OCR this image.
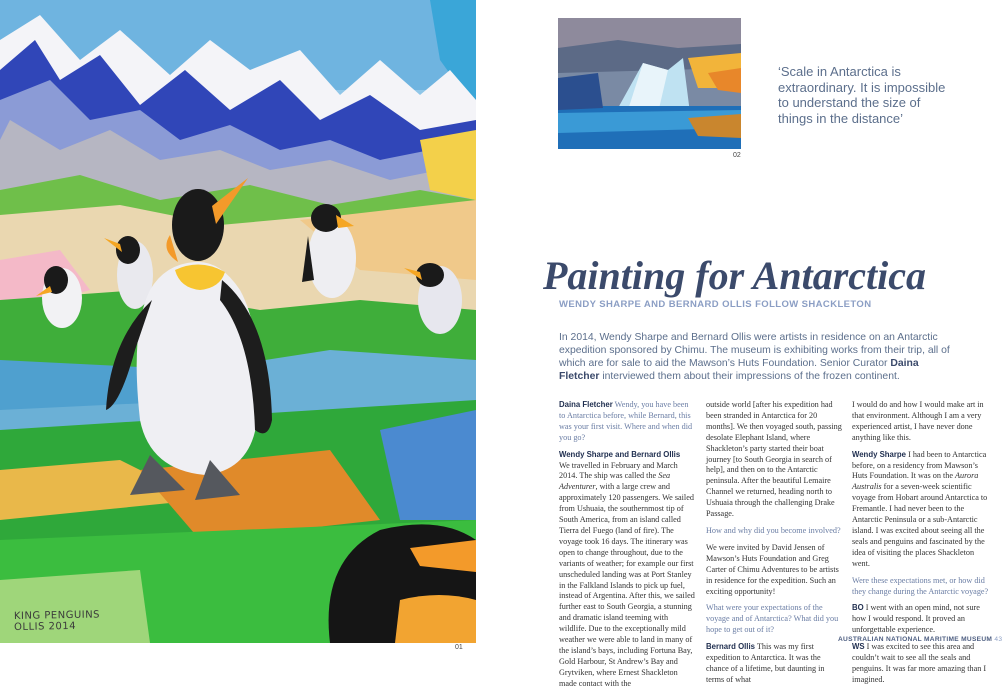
KING PENGUINS
OLLIS 2014
01
02
‘Scale in Antarctica is extraordinary. It is impossible to understand the size of things in the distance’
Painting for Antarctica
WENDY SHARPE AND BERNARD OLLIS FOLLOW SHACKLETON
In 2014, Wendy Sharpe and Bernard Ollis were artists in residence on an Antarctic expedition sponsored by Chimu. The museum is exhibiting works from their trip, all of which are for sale to aid the Mawson’s Huts Foundation. Senior Curator Daina Fletcher interviewed them about their impressions of the frozen continent.

Daina Fletcher Wendy, you have been to Antarctica before, while Bernard, this was your first visit. Where and when did you go?

Wendy Sharpe and Bernard Ollis

We travelled in February and March 2014. The ship was called the Sea Adventurer, with a large crew and approximately 120 passengers. We sailed from Ushuaia, the southernmost tip of South America, from an island called Tierra del Fuego (land of fire). The voyage took 16 days. The itinerary was open to change throughout, due to the variants of weather; for example our first unscheduled landing was at Port Stanley in the Falkland Islands to pick up fuel, instead of Argentina. After this, we sailed further east to South Georgia, a stunning and dramatic island teeming with wildlife. Due to the exceptionally mild weather we were able to land in many of the island’s bays, including Fortuna Bay, Gold Harbour, St Andrew’s Bay and Grytviken, where Ernest Shackleton made contact with the

outside world [after his expedition had been stranded in Antarctica for 20 months]. We then voyaged south, passing desolate Elephant Island, where Shackleton’s party started their boat journey [to South Georgia in search of help], and then on to the Antarctic peninsula. After the beautiful Lemaire Channel we returned, heading north to Ushuaia through the challenging Drake Passage.

How and why did you become involved?

We were invited by David Jensen of Mawson’s Huts Foundation and Greg Carter of Chimu Adventures to be artists in residence for the expedition. Such an exciting opportunity!

What were your expectations of the voyage and of Antarctica? What did you hope to get out of it?

Bernard Ollis This was my first expedition to Antarctica. It was the chance of a lifetime, but daunting in terms of what

I would do and how I would make art in that environment. Although I am a very experienced artist, I have never done anything like this.

Wendy Sharpe I had been to Antarctica before, on a residency from Mawson’s Huts Foundation. It was on the Aurora Australis for a seven-week scientific voyage from Hobart around Antarctica to Fremantle. I had never been to the Antarctic Peninsula or a sub-Antarctic island. I was excited about seeing all the seals and penguins and fascinated by the idea of visiting the places Shackleton went.

Were these expectations met, or how did they change during the Antarctic voyage?

BO I went with an open mind, not sure how I would respond. It proved an unforgettable experience.

WS I was excited to see this area and couldn’t wait to see all the seals and penguins. It was far more amazing than I imagined.

AUSTRALIAN NATIONAL MARITIME MUSEUM 43
